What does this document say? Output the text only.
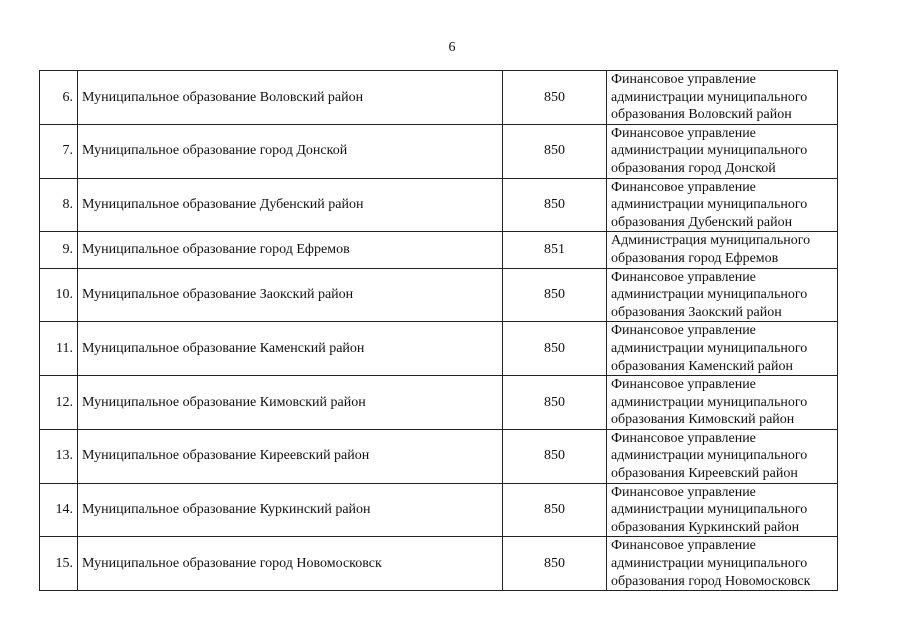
6
6.	Муниципальное образование Воловский район	850	Финансовое управление
администрации муниципального
образования Воловский район

7.	Муниципальное образование город Донской	850	Финансовое управление
администрации муниципального
образования город Донской

8.	Муниципальное образование Дубенский район	850	Финансовое управление
администрации муниципального
образования Дубенский район

9.	Муниципальное образование город Ефремов	851	Администрация муниципального
образования город Ефремов

10.	Муниципальное образование Заокский район	850	Финансовое управление
администрации муниципального
образования Заокский район

11.	Муниципальное образование Каменский район	850	Финансовое управление
администрации муниципального
образования Каменский район

12.	Муниципальное образование Кимовский район	850	Финансовое управление
администрации муниципального
образования Кимовский район

13.	Муниципальное образование Киреевский район	850	Финансовое управление
администрации муниципального
образования Киреевский район

14.	Муниципальное образование Куркинский район	850	Финансовое управление
администрации муниципального
образования Куркинский район

15.	Муниципальное образование город Новомосковск	850	Финансовое управление
администрации муниципального
образования город Новомосковск
